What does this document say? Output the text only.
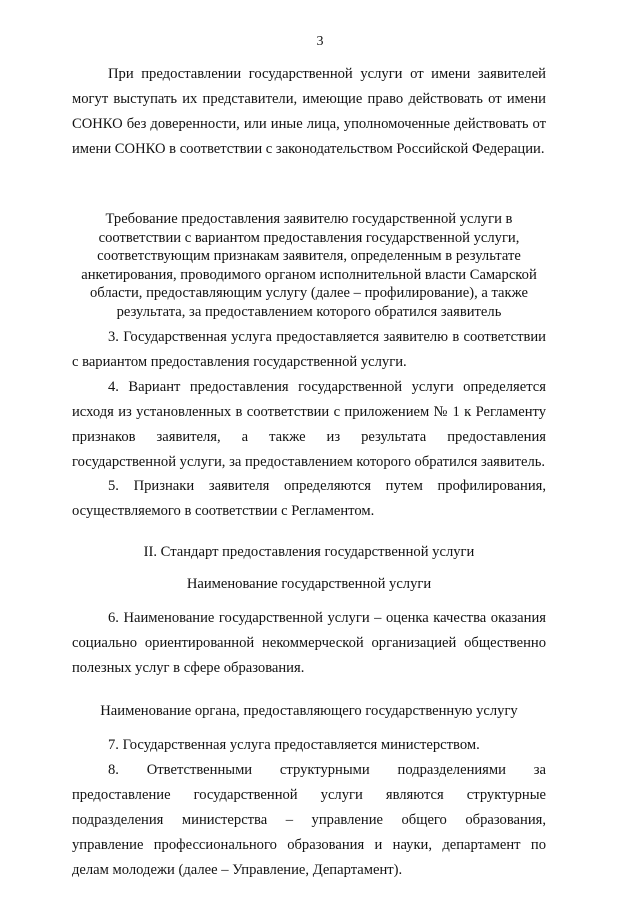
3

При предоставлении государственной услуги от имени заявителей могут выступать их представители, имеющие право действовать от имени СОНКО без доверенности, или иные лица, уполномоченные действовать от имени СОНКО в соответствии с законодательством Российской Федерации.

Требование предоставления заявителю государственной услуги в соответствии с вариантом предоставления государственной услуги, соответствующим признакам заявителя, определенным в результате анкетирования, проводимого органом исполнительной власти Самарской области, предоставляющим услугу (далее – профилирование), а также результата, за предоставлением которого обратился заявитель

3. Государственная услуга предоставляется заявителю в соответствии с вариантом предоставления государственной услуги.

4. Вариант предоставления государственной услуги определяется исходя из установленных в соответствии с приложением № 1 к Регламенту признаков заявителя, а также из результата предоставления государственной услуги, за предоставлением которого обратился заявитель.

5. Признаки заявителя определяются путем профилирования, осуществляемого в соответствии с Регламентом.

II. Стандарт предоставления государственной услуги
Наименование государственной услуги

6. Наименование государственной услуги – оценка качества оказания социально ориентированной некоммерческой организацией общественно полезных услуг в сфере образования.

Наименование органа, предоставляющего государственную услугу

7. Государственная услуга предоставляется министерством.

8. Ответственными структурными подразделениями за предоставление государственной услуги являются структурные подразделения министерства – управление общего образования, управление профессионального образования и науки, департамент по делам молодежи (далее – Управление, Департамент).
